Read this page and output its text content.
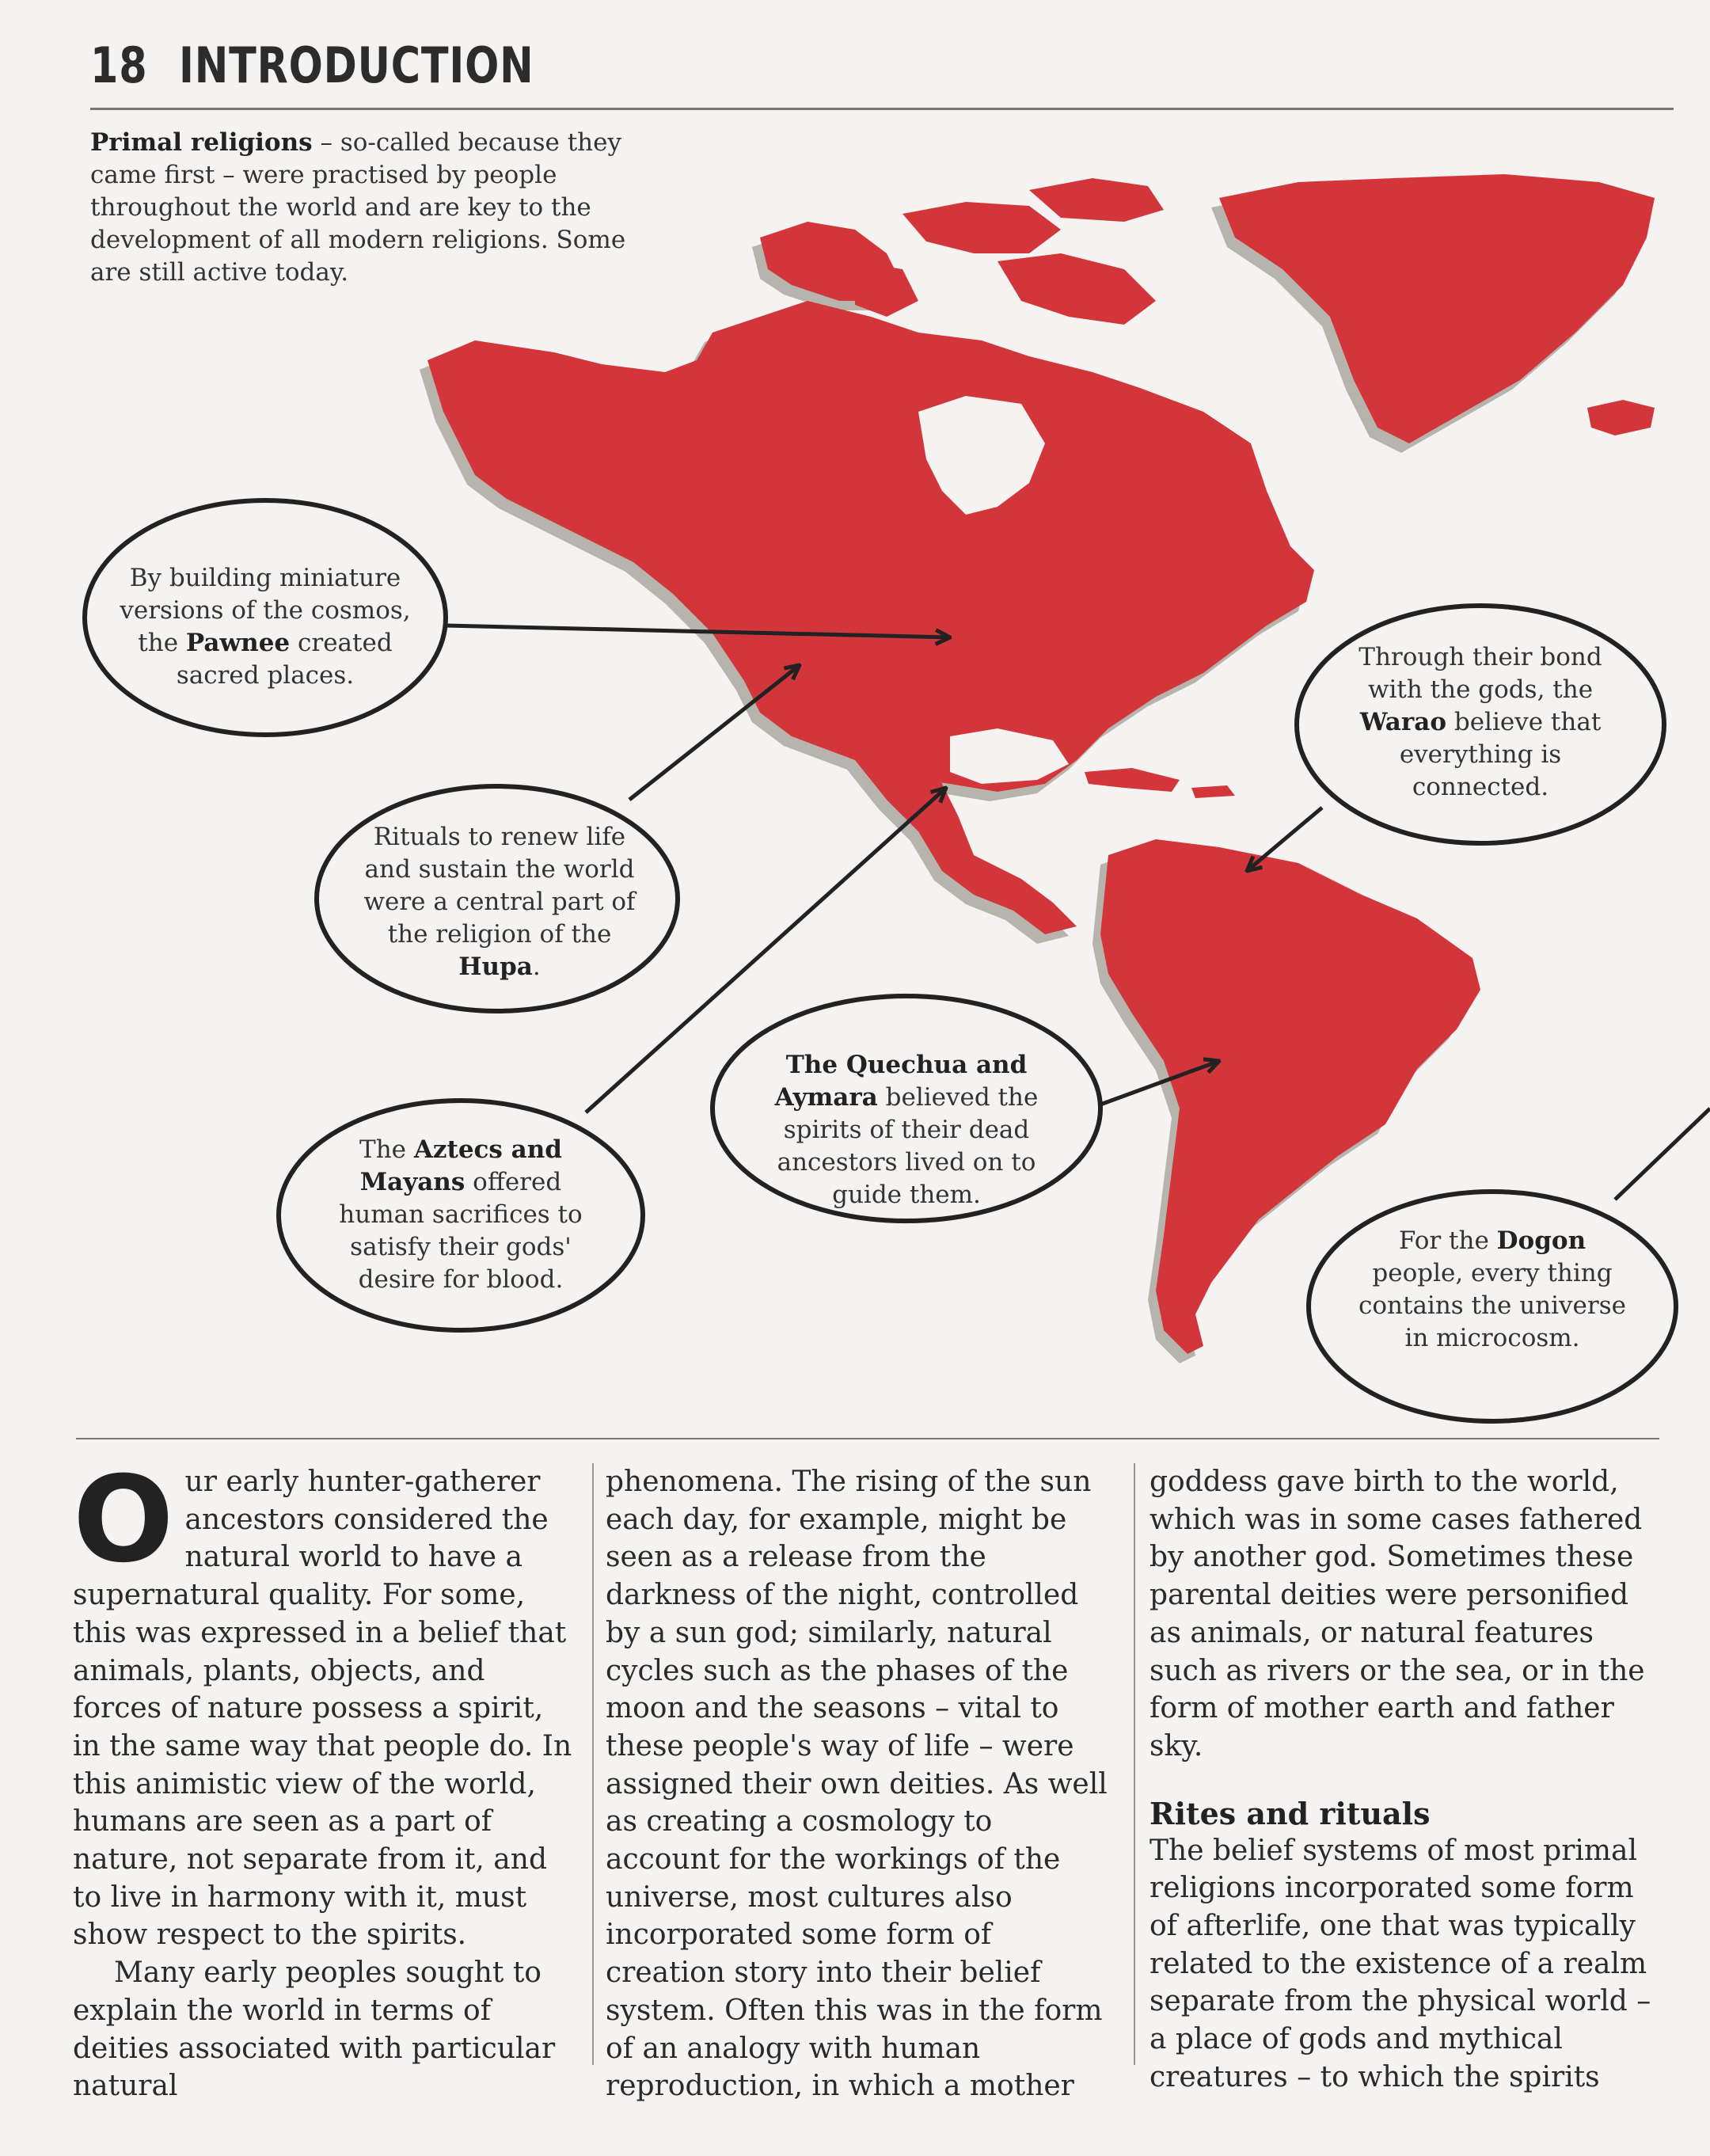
18 INTRODUCTION
Primal religions – so-called because they came first – were practised by people throughout the world and are key to the development of all modern religions. Some are still active today.
By building miniature versions of the cosmos, the Pawnee created sacred places.
Rituals to renew life and sustain the world were a central part of the religion of the Hupa.
The Aztecs and Mayans offered human sacrifices to satisfy their gods' desire for blood.
The Quechua and Aymara believed the spirits of their dead ancestors lived on to guide them.
Through their bond with the gods, the Warao believe that everything is connected.
For the Dogon people, every thing contains the universe in microcosm.
Our early hunter-gatherer ancestors considered the natural world to have a supernatural quality. For some, this was expressed in a belief that animals, plants, objects, and forces of nature possess a spirit, in the same way that people do. In this animistic view of the world, humans are seen as a part of nature, not separate from it, and to live in harmony with it, must show respect to the spirits.
Many early peoples sought to explain the world in terms of deities associated with particular natural
phenomena. The rising of the sun each day, for example, might be seen as a release from the darkness of the night, controlled by a sun god; similarly, natural cycles such as the phases of the moon and the seasons – vital to these people's way of life – were assigned their own deities. As well as creating a cosmology to account for the workings of the universe, most cultures also incorporated some form of creation story into their belief system. Often this was in the form of an analogy with human reproduction, in which a mother
goddess gave birth to the world, which was in some cases fathered by another god. Sometimes these parental deities were personified as animals, or natural features such as rivers or the sea, or in the form of mother earth and father sky.
Rites and rituals
The belief systems of most primal religions incorporated some form of afterlife, one that was typically related to the existence of a realm separate from the physical world – a place of gods and mythical creatures – to which the spirits
